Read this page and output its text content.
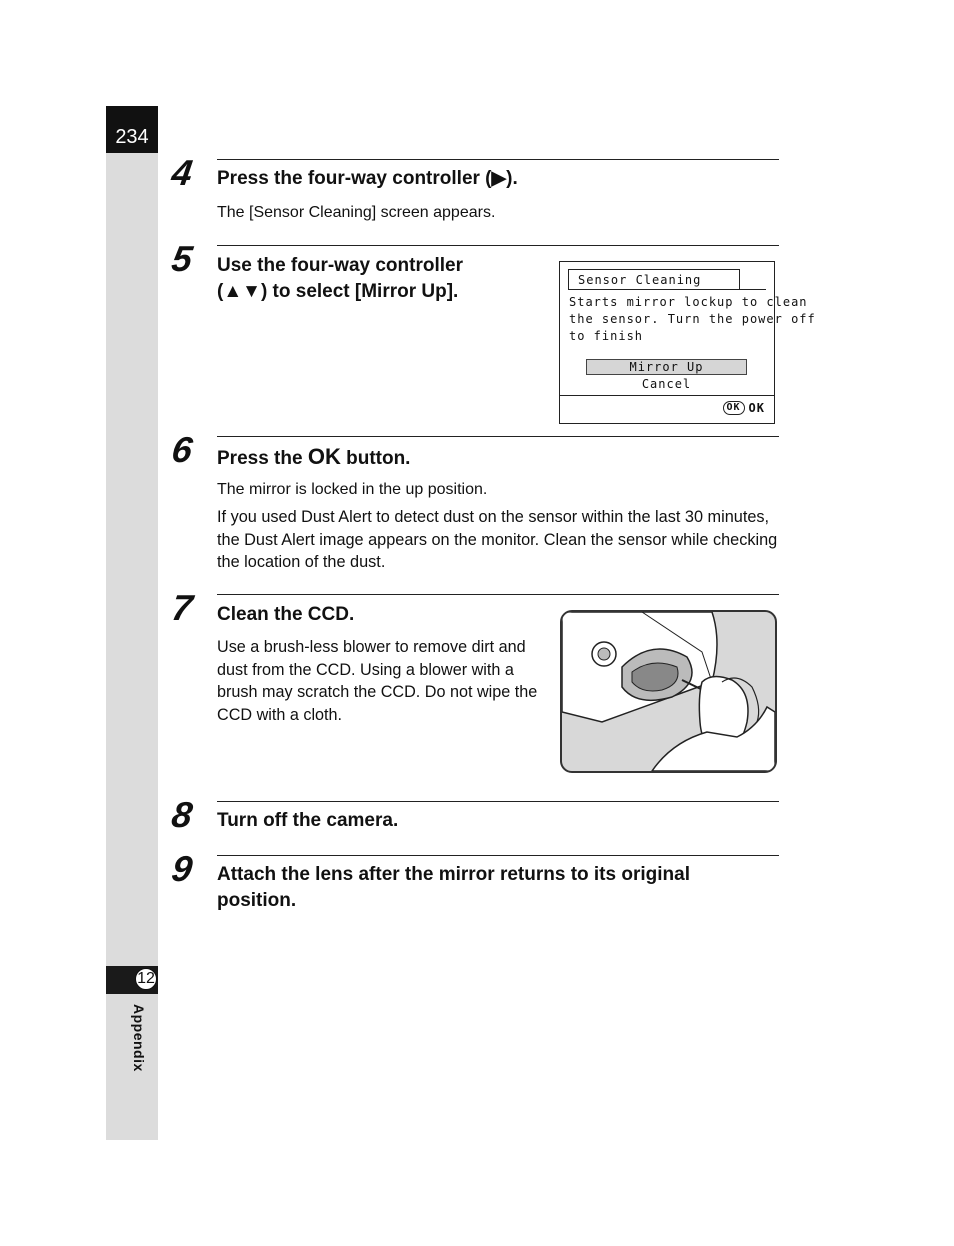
234
12
Appendix
4 Press the four-way controller (▶).
The [Sensor Cleaning] screen appears.
5 Use the four-way controller
(▲▼) to select [Mirror Up].
Sensor Cleaning
Starts mirror lockup to clean
the sensor. Turn the power off
to finish
Mirror Up
Cancel
OK OK
6 Press the OK button.
The mirror is locked in the up position.
If you used Dust Alert to detect dust on the sensor within the last 30 minutes, the Dust Alert image appears on the monitor. Clean the sensor while checking the location of the dust.
7 Clean the CCD.
Use a brush-less blower to remove dirt and dust from the CCD. Using a blower with a brush may scratch the CCD. Do not wipe the CCD with a cloth.
8 Turn off the camera.
9 Attach the lens after the mirror returns to its original position.
